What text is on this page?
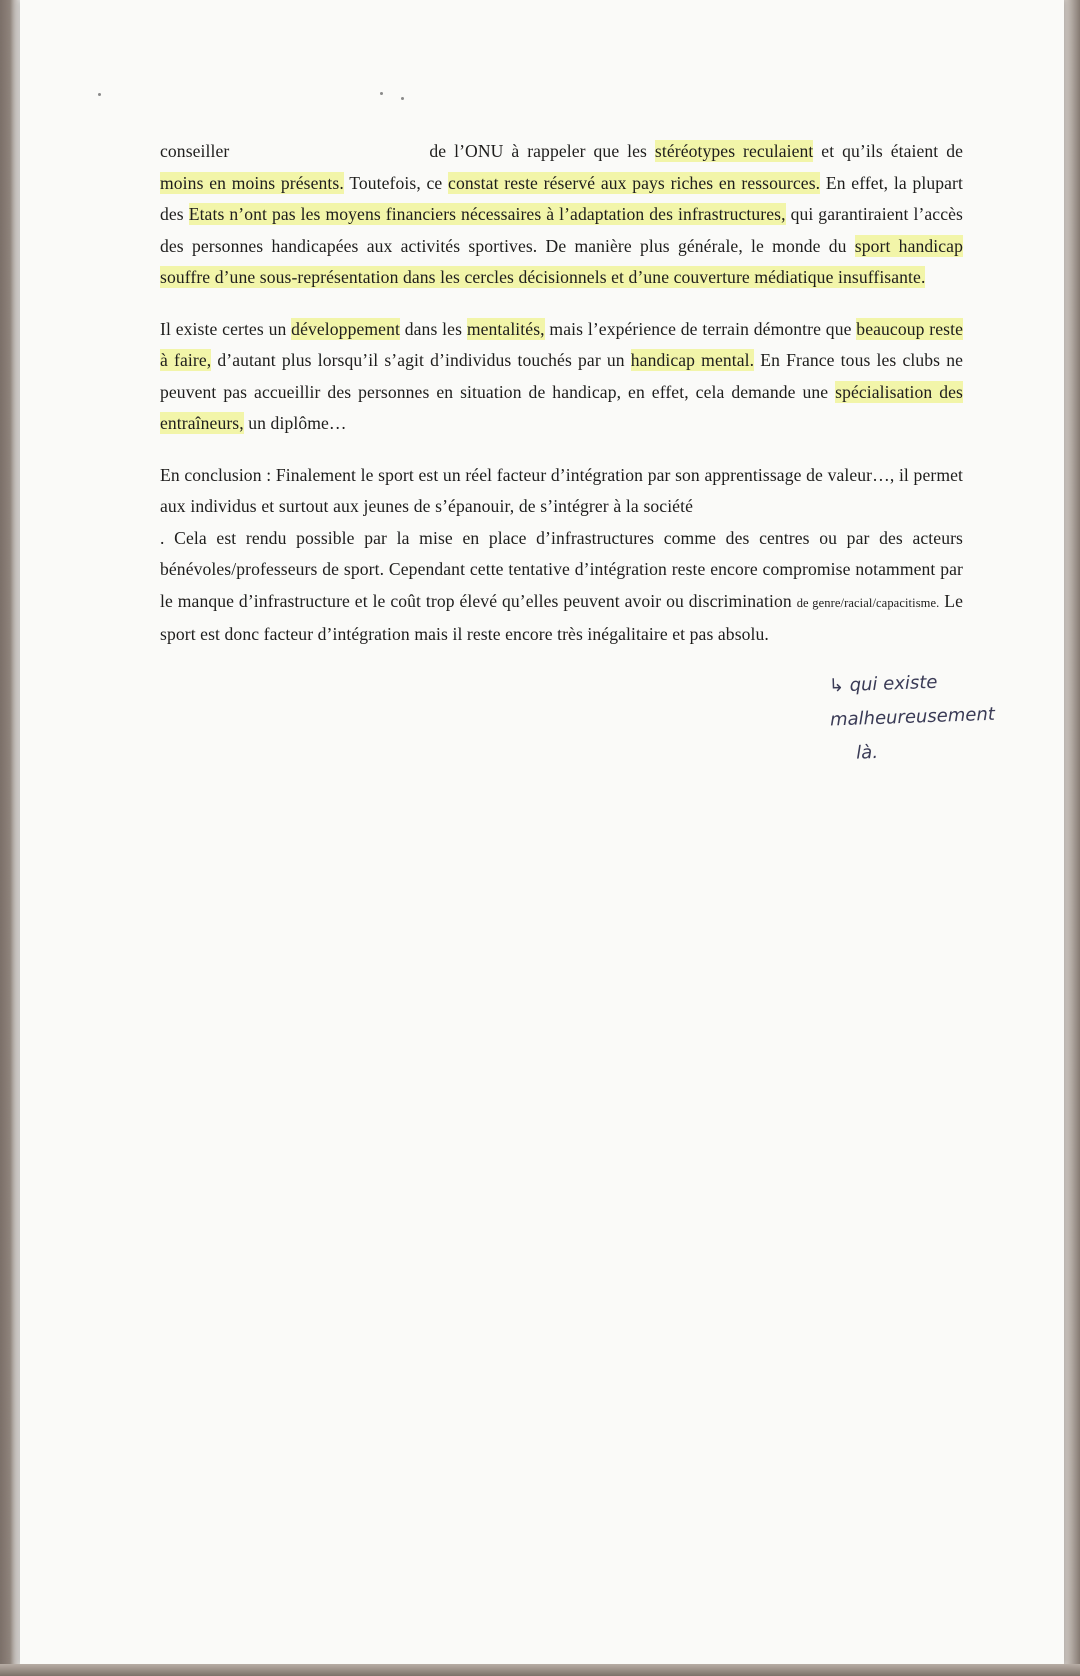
conseiller	de l’ONU à rappeler que les stéréotypes reculaient et qu’ils étaient de moins en moins présents. Toutefois, ce constat reste réservé aux pays riches en ressources. En effet, la plupart des Etats n’ont pas les moyens financiers nécessaires à l’adaptation des infrastructures, qui garantiraient l’accès des personnes handicapées aux activités sportives. De manière plus générale, le monde du sport handicap souffre d’une sous-représentation dans les cercles décisionnels et d’une couverture médiatique insuffisante.

Il existe certes un développement dans les mentalités, mais l’expérience de terrain démontre que beaucoup reste à faire, d’autant plus lorsqu’il s’agit d’individus touchés par un handicap mental. En France tous les clubs ne peuvent pas accueillir des personnes en situation de handicap, en effet, cela demande une spécialisation des entraîneurs, un diplôme…

En conclusion : Finalement le sport est un réel facteur d’intégration par son apprentissage de valeur…, il permet aux individus et surtout aux jeunes de s’épanouir, de s’intégrer à la société. Cela est rendu possible par la mise en place d’infrastructures comme des centres ou par des acteurs bénévoles/professeurs de sport. Cependant cette tentative d’intégration reste encore compromise notamment par le manque d’infrastructure et le coût trop élevé qu’elles peuvent avoir ou discrimination de genre/racial/capacitisme. Le sport est donc facteur d’intégration mais il reste encore très inégalitaire et pas absolu.

↳ qui existe malheureusement
là.
